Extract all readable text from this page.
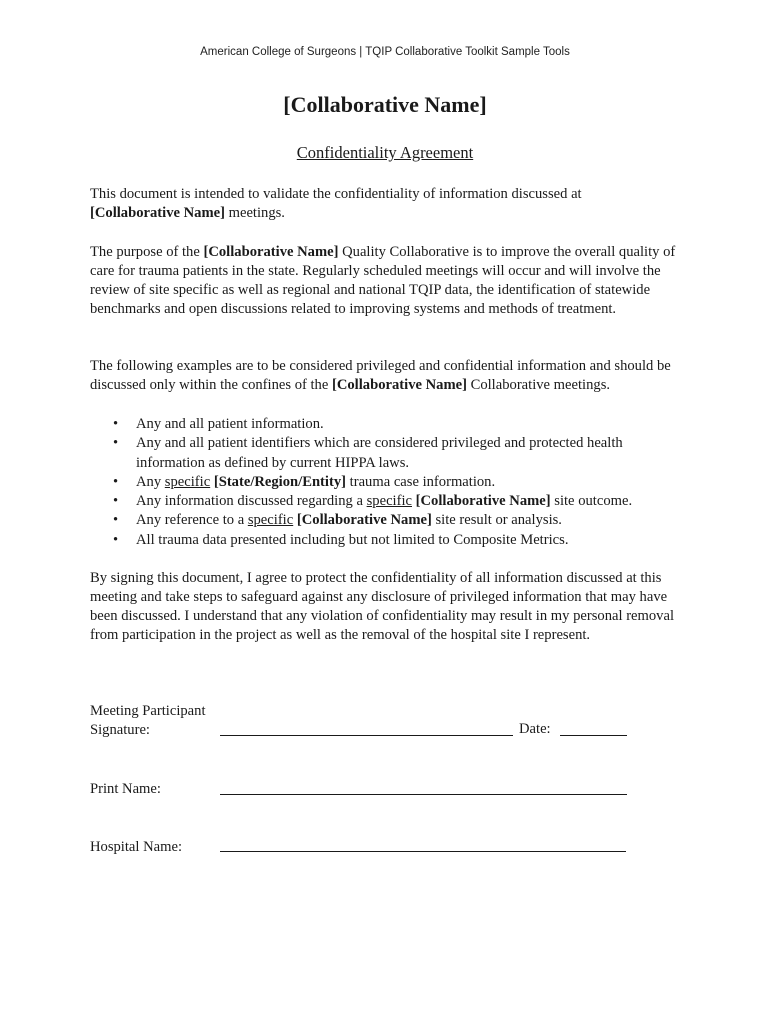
American College of Surgeons | TQIP Collaborative Toolkit Sample Tools
[Collaborative Name]
Confidentiality Agreement
This document is intended to validate the confidentiality of information discussed at
[Collaborative Name] meetings.
The purpose of the [Collaborative Name] Quality Collaborative is to improve the overall quality of care for trauma patients in the state. Regularly scheduled meetings will occur and will involve the review of site specific as well as regional and national TQIP data, the identification of statewide benchmarks and open discussions related to improving systems and methods of treatment.
The following examples are to be considered privileged and confidential information and should be discussed only within the confines of the [Collaborative Name] Collaborative meetings.
• Any and all patient information.
• Any and all patient identifiers which are considered privileged and protected health information as defined by current HIPPA laws.
• Any specific [State/Region/Entity] trauma case information.
• Any information discussed regarding a specific [Collaborative Name] site outcome.
• Any reference to a specific [Collaborative Name] site result or analysis.
• All trauma data presented including but not limited to Composite Metrics.
By signing this document, I agree to protect the confidentiality of all information discussed at this meeting and take steps to safeguard against any disclosure of privileged information that may have been discussed. I understand that any violation of confidentiality may result in my personal removal from participation in the project as well as the removal of the hospital site I represent.
Meeting Participant
Signature:	Date:
Print Name:
Hospital Name:
